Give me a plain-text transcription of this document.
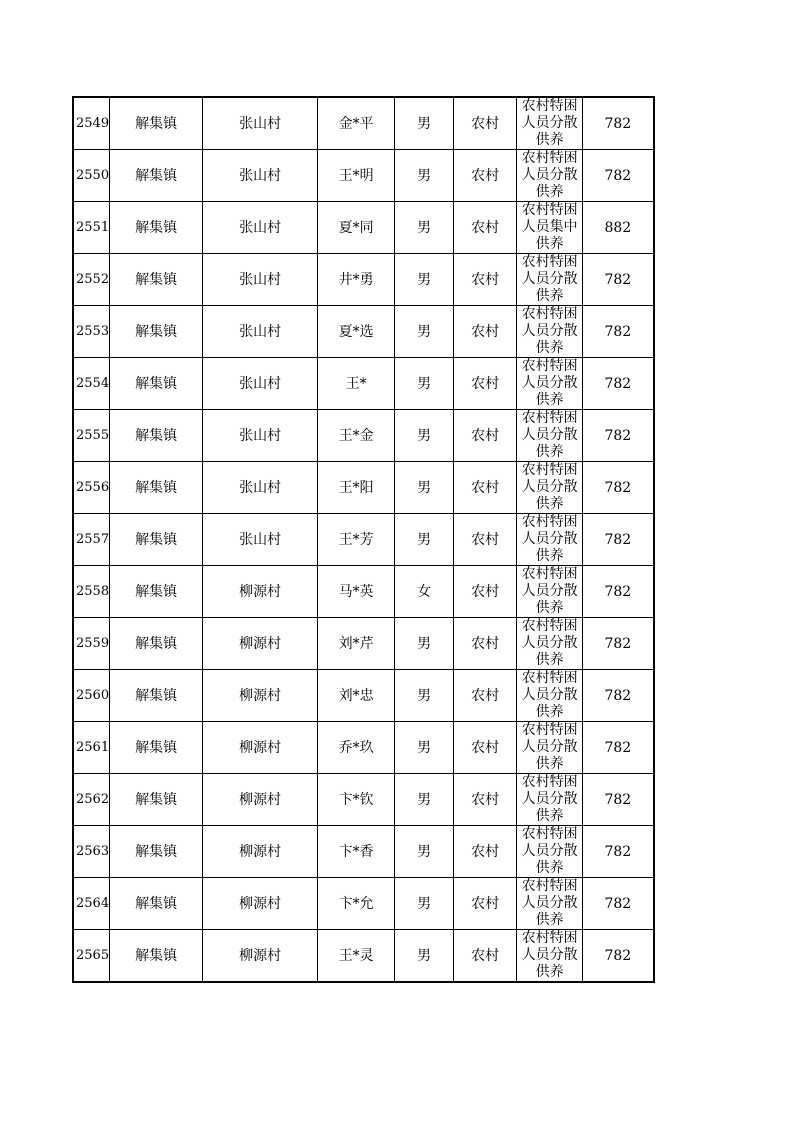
2549	解集镇	张山村	金*平	男	农村	农村特困人员分散供养	782
2550	解集镇	张山村	王*明	男	农村	农村特困人员分散供养	782
2551	解集镇	张山村	夏*同	男	农村	农村特困人员集中供养	882
2552	解集镇	张山村	井*勇	男	农村	农村特困人员分散供养	782
2553	解集镇	张山村	夏*选	男	农村	农村特困人员分散供养	782
2554	解集镇	张山村	王*	男	农村	农村特困人员分散供养	782
2555	解集镇	张山村	王*金	男	农村	农村特困人员分散供养	782
2556	解集镇	张山村	王*阳	男	农村	农村特困人员分散供养	782
2557	解集镇	张山村	王*芳	男	农村	农村特困人员分散供养	782
2558	解集镇	柳源村	马*英	女	农村	农村特困人员分散供养	782
2559	解集镇	柳源村	刘*芹	男	农村	农村特困人员分散供养	782
2560	解集镇	柳源村	刘*忠	男	农村	农村特困人员分散供养	782
2561	解集镇	柳源村	乔*玖	男	农村	农村特困人员分散供养	782
2562	解集镇	柳源村	卞*钦	男	农村	农村特困人员分散供养	782
2563	解集镇	柳源村	卞*香	男	农村	农村特困人员分散供养	782
2564	解集镇	柳源村	卞*允	男	农村	农村特困人员分散供养	782
2565	解集镇	柳源村	王*灵	男	农村	农村特困人员分散供养	782
